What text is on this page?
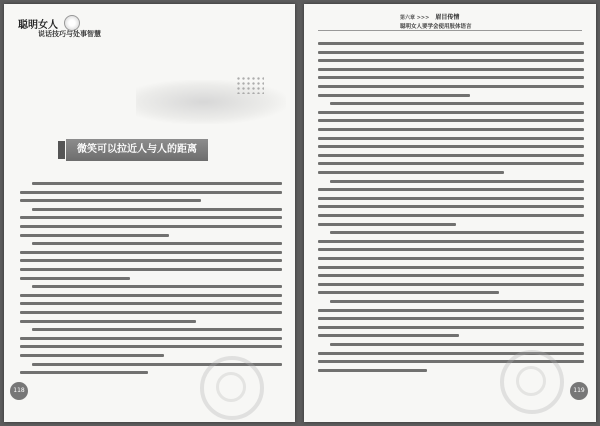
聪明女人
说话技巧与处事智慧
微笑可以拉近人与人的距离
118
第六章 >>> 眉目传情
聪明女人要学会使用肢体语言
119
